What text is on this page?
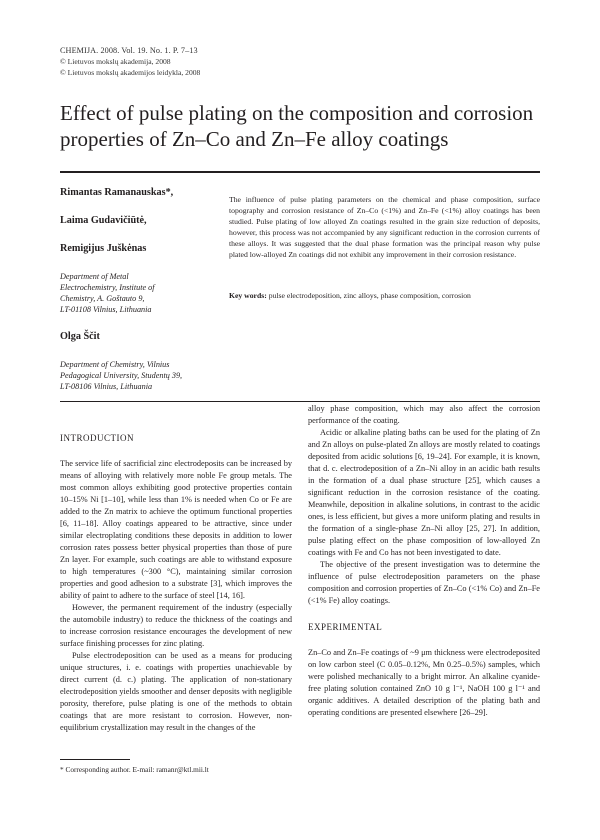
CHEMIJA. 2008. Vol. 19. No. 1. P. 7–13
© Lietuvos mokslų akademija, 2008
© Lietuvos mokslų akademijos leidykla, 2008
Effect of pulse plating on the composition and corrosion properties of Zn–Co and Zn–Fe alloy coatings
Rimantas Ramanauskas*,
Laima Gudavičiūtė,
Remigijus Juškėnas
Department of Metal
Electrochemistry, Institute of
Chemistry, A. Goštauto 9,
LT-01108 Vilnius, Lithuania
Olga Ščit
Department of Chemistry, Vilnius
Pedagogical University, Studentų 39,
LT-08106 Vilnius, Lithuania
The influence of pulse plating parameters on the chemical and phase composition, surface topography and corrosion resistance of Zn–Co (<1%) and Zn–Fe (<1%) alloy coatings has been studied. Pulse plating of low alloyed Zn coatings resulted in the grain size reduction of deposits, however, this process was not accompanied by any significant reduction in the corrosion currents of these alloys. It was suggested that the dual phase formation was the principal reason why pulse plated low-alloyed Zn coatings did not exhibit any improvement in their corrosion resistance.
Key words: pulse electrodeposition, zinc alloys, phase composition, corrosion
INTRODUCTION

The service life of sacrificial zinc electrodeposits can be increased by means of alloying with relatively more noble Fe group metals. The most common alloys exhibiting good protective properties contain 10–15% Ni [1–10], while less than 1% is needed when Co or Fe are added to the Zn matrix to achieve the optimum functional properties [6, 11–18]. Alloy coatings appeared to be attractive, since under similar electroplating conditions these deposits in addition to lower corrosion rates possess better physical properties than those of pure Zn layer. For example, such coatings are able to withstand exposure to high temperatures (~300 °C), maintaining similar corrosion properties and good adhesion to a substrate [3], which improves the ability of paint to adhere to the surface of steel [14, 16].

However, the permanent requirement of the industry (especially the automobile industry) to reduce the thickness of the coatings and to increase corrosion resistance encourages the development of new surface finishing processes for zinc plating.

Pulse electrodeposition can be used as a means for producing unique structures, i. e. coatings with properties unachievable by direct current (d. c.) plating. The application of non-stationary electrodeposition yields smoother and denser deposits with negligible porosity, therefore, pulse plating is one of the methods to obtain coatings that are more resistant to corrosion. However, non-equilibrium crystallization may result in the changes of the

alloy phase composition, which may also affect the corrosion performance of the coating.

Acidic or alkaline plating baths can be used for the plating of Zn and Zn alloys on pulse-plated Zn alloys are mostly related to coatings deposited from acidic solutions [6, 19–24]. For example, it is known, that d. c. electrodeposition of a Zn–Ni alloy in an acidic bath results in the formation of a dual phase structure [25], which causes a significant reduction in the corrosion resistance of the coating. Meanwhile, deposition in alkaline solutions, in contrast to the acidic ones, is less efficient, but gives a more uniform plating and results in the formation of a single-phase Zn–Ni alloy [25, 27]. In addition, pulse plating effect on the phase composition of low-alloyed Zn coatings with Fe and Co has not been investigated to date.

The objective of the present investigation was to determine the influence of pulse electrodeposition parameters on the phase composition and corrosion properties of Zn–Co (<1% Co) and Zn–Fe (<1% Fe) alloy coatings.

EXPERIMENTAL

Zn–Co and Zn–Fe coatings of ~9 μm thickness were electrodeposited on low carbon steel (C 0.05–0.12%, Mn 0.25–0.5%) samples, which were polished mechanically to a bright mirror. An alkaline cyanide-free plating solution contained ZnO 10 g l⁻¹, NaOH 100 g l⁻¹ and organic additives. A detailed description of the plating bath and operating conditions are presented elsewhere [26–29].

* Corresponding author. E-mail: ramanr@ktl.mii.lt
